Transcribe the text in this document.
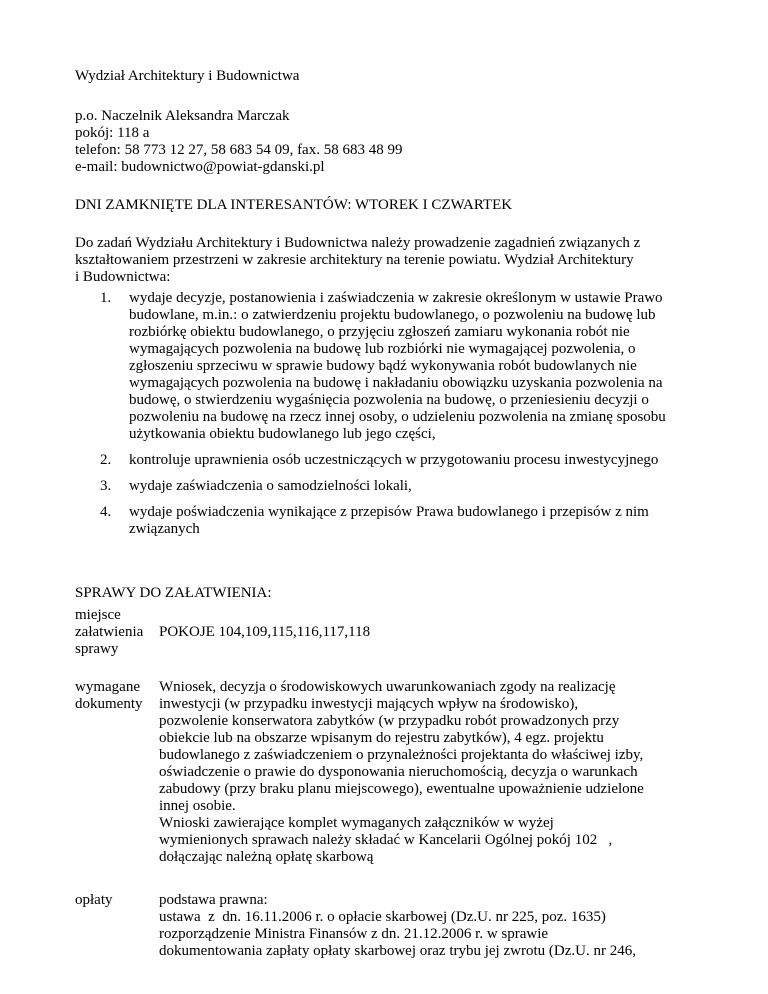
Wydział Architektury i Budownictwa

p.o. Naczelnik Aleksandra Marczak
pokój: 118 a
telefon: 58 773 12 27, 58 683 54 09, fax. 58 683 48 99
e-mail: budownictwo@powiat-gdanski.pl

DNI ZAMKNIĘTE DLA INTERESANTÓW: WTOREK I CZWARTEK

Do zadań Wydziału Architektury i Budownictwa należy prowadzenie zagadnień związanych z
kształtowaniem przestrzeni w zakresie architektury na terenie powiatu. Wydział Architektury
i Budownictwa:
1. wydaje decyzje, postanowienia i zaświadczenia w zakresie określonym w ustawie Prawo
budowlane, m.in.: o zatwierdzeniu projektu budowlanego, o pozwoleniu na budowę lub
rozbiórkę obiektu budowlanego, o przyjęciu zgłoszeń zamiaru wykonania robót nie
wymagających pozwolenia na budowę lub rozbiórki nie wymagającej pozwolenia, o
zgłoszeniu sprzeciwu w sprawie budowy bądź wykonywania robót budowlanych nie
wymagających pozwolenia na budowę i nakładaniu obowiązku uzyskania pozwolenia na
budowę, o stwierdzeniu wygaśnięcia pozwolenia na budowę, o przeniesieniu decyzji o
pozwoleniu na budowę na rzecz innej osoby, o udzieleniu pozwolenia na zmianę sposobu
użytkowania obiektu budowlanego lub jego części,
2. kontroluje uprawnienia osób uczestniczących w przygotowaniu procesu inwestycyjnego
3. wydaje zaświadczenia o samodzielności lokali,
4. wydaje poświadczenia wynikające z przepisów Prawa budowlanego i przepisów z nim
związanych

SPRAWY DO ZAŁATWIENIA:

miejsce
załatwienia
sprawy
POKOJE 104,109,115,116,117,118
wymagane
dokumenty
Wniosek, decyzja o środowiskowych uwarunkowaniach zgody na realizację
inwestycji (w przypadku inwestycji mających wpływ na środowisko),
pozwolenie konserwatora zabytków (w przypadku robót prowadzonych przy
obiekcie lub na obszarze wpisanym do rejestru zabytków), 4 egz. projektu
budowlanego z zaświadczeniem o przynależności projektanta do właściwej izby,
oświadczenie o prawie do dysponowania nieruchomością, decyzja o warunkach
zabudowy (przy braku planu miejscowego), ewentualne upoważnienie udzielone
innej osobie.
Wnioski zawierające komplet wymaganych załączników w wyżej
wymienionych sprawach należy składać w Kancelarii Ogólnej pokój 102   ,
dołączając należną opłatę skarbową
opłaty	podstawa prawna:
ustawa  z  dn. 16.11.2006 r. o opłacie skarbowej (Dz.U. nr 225, poz. 1635)
rozporządzenie Ministra Finansów z dn. 21.12.2006 r. w sprawie
dokumentowania zapłaty opłaty skarbowej oraz trybu jej zwrotu (Dz.U. nr 246,
